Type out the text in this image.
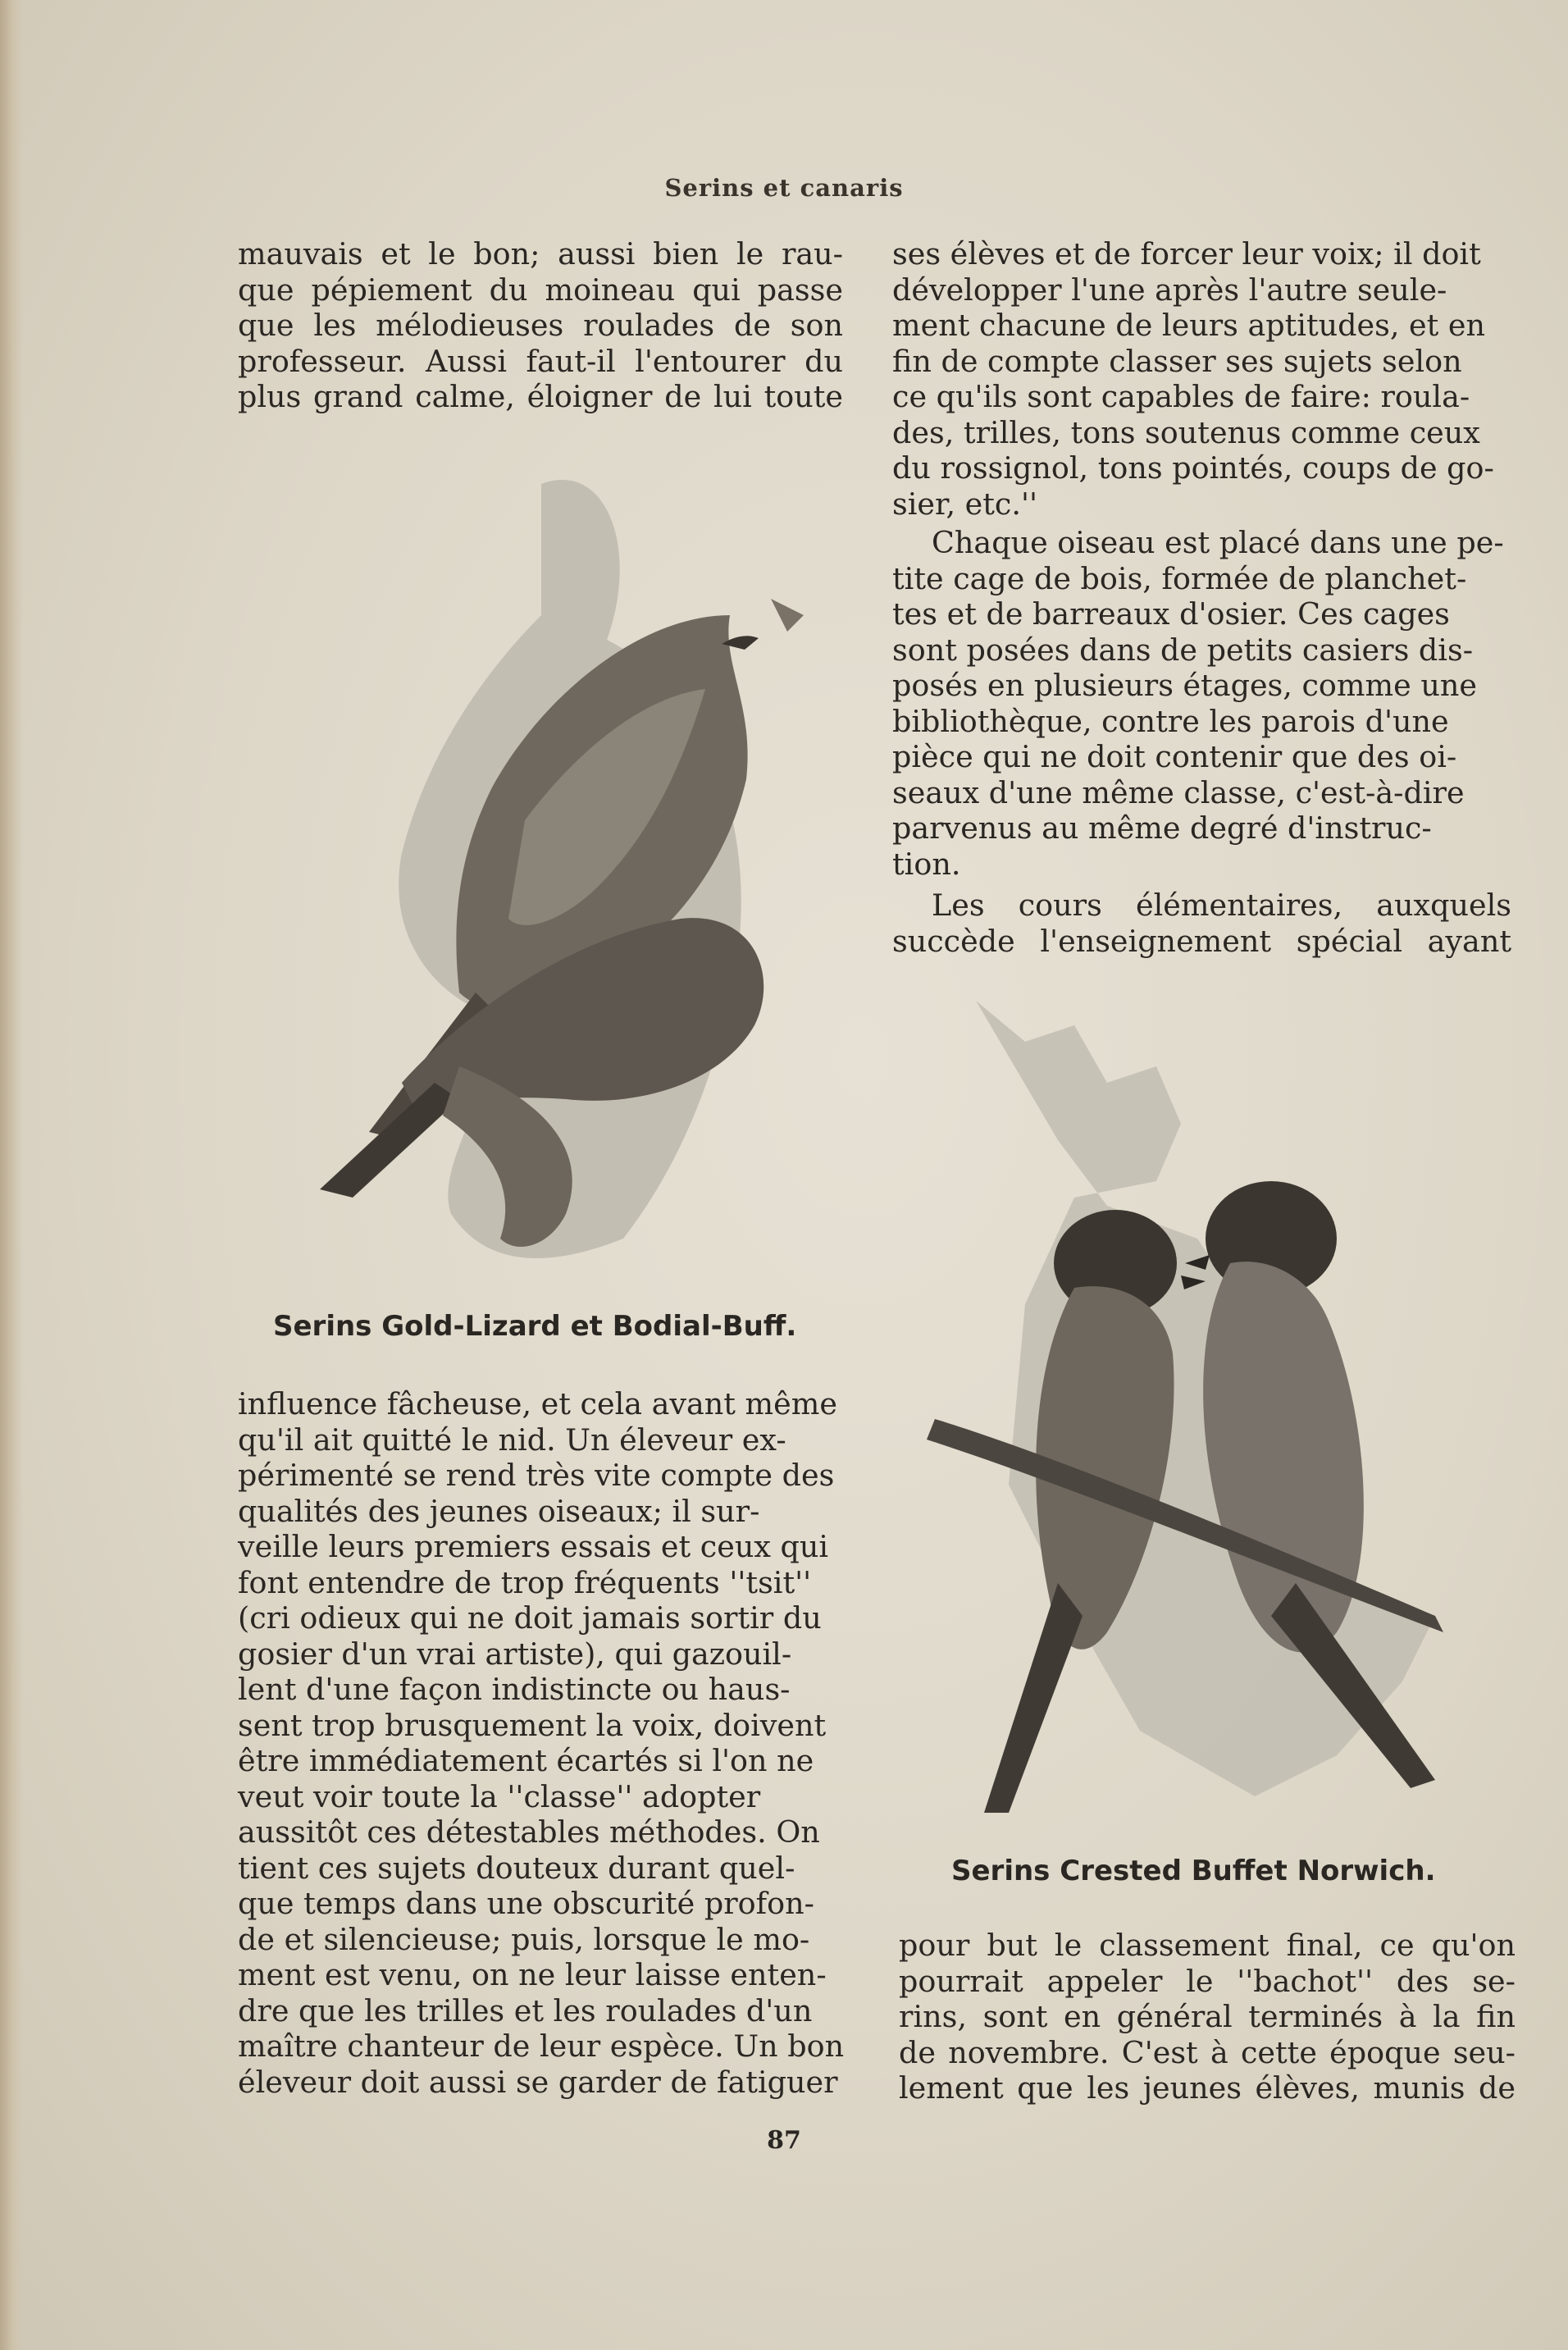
Serins et canaris
mauvais et le bon; aussi bien le rau-
que pépiement du moineau qui passe
que les mélodieuses roulades de son
professeur. Aussi faut-il l'entourer du
plus grand calme, éloigner de lui toute
Serins Gold-Lizard et Bodial-Buff.
influence fâcheuse, et cela avant même
qu'il ait quitté le nid. Un éleveur ex-
périmenté se rend très vite compte des
qualités des jeunes oiseaux; il sur-
veille leurs premiers essais et ceux qui
font entendre de trop fréquents ''tsit''
(cri odieux qui ne doit jamais sortir du
gosier d'un vrai artiste), qui gazouil-
lent d'une façon indistincte ou haus-
sent trop brusquement la voix, doivent
être immédiatement écartés si l'on ne
veut voir toute la ''classe'' adopter
aussitôt ces détestables méthodes. On
tient ces sujets douteux durant quel-
que temps dans une obscurité profon-
de et silencieuse; puis, lorsque le mo-
ment est venu, on ne leur laisse enten-
dre que les trilles et les roulades d'un
maître chanteur de leur espèce. Un bon
éleveur doit aussi se garder de fatiguer
ses élèves et de forcer leur voix; il doit
développer l'une après l'autre seule-
ment chacune de leurs aptitudes, et en
fin de compte classer ses sujets selon
ce qu'ils sont capables de faire: roula-
des, trilles, tons soutenus comme ceux
du rossignol, tons pointés, coups de go-
sier, etc.''
Chaque oiseau est placé dans une pe-
tite cage de bois, formée de planchet-
tes et de barreaux d'osier. Ces cages
sont posées dans de petits casiers dis-
posés en plusieurs étages, comme une
bibliothèque, contre les parois d'une
pièce qui ne doit contenir que des oi-
seaux d'une même classe, c'est-à-dire
parvenus au même degré d'instruc-
tion.
Les cours élémentaires, auxquels
succède l'enseignement spécial ayant
Serins Crested Buffet Norwich.
pour but le classement final, ce qu'on
pourrait appeler le ''bachot'' des se-
rins, sont en général terminés à la fin
de novembre. C'est à cette époque seu-
lement que les jeunes élèves, munis de
87
